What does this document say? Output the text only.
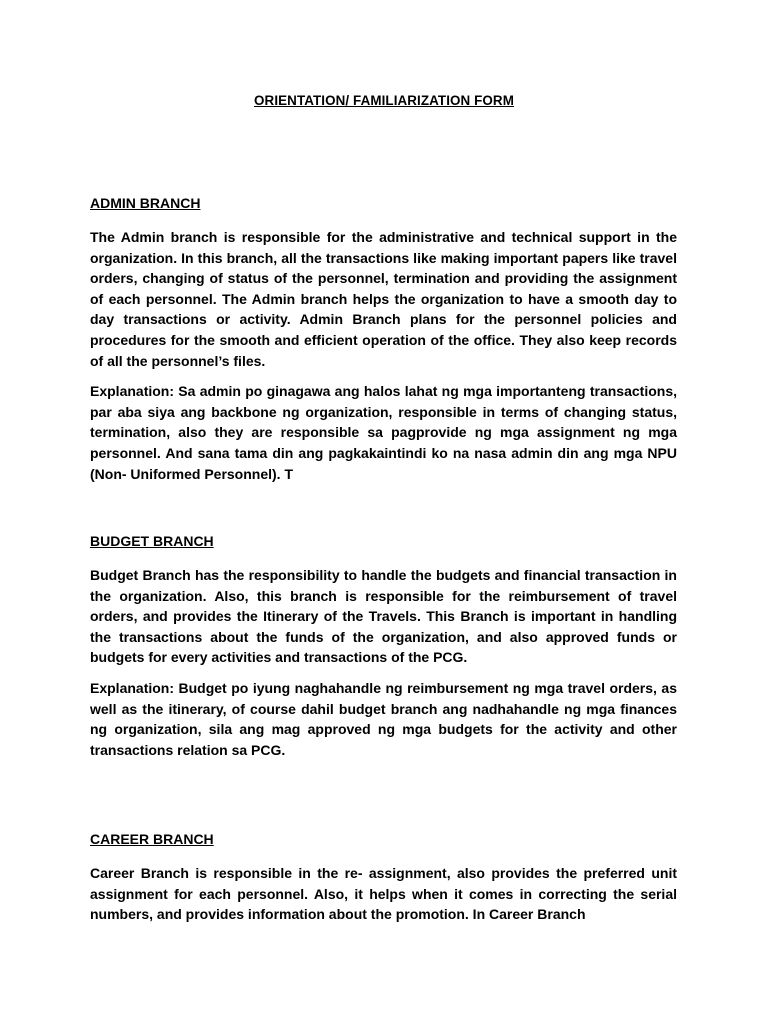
ORIENTATION/ FAMILIARIZATION FORM
ADMIN BRANCH

The Admin branch is responsible for the administrative and technical support in the organization. In this branch, all the transactions like making important papers like travel orders, changing of status of the personnel, termination and providing the assignment of each personnel. The Admin branch helps the organization to have a smooth day to day transactions or activity. Admin Branch plans for the personnel policies and procedures for the smooth and efficient operation of the office. They also keep records of all the personnel’s files.

Explanation: Sa admin po ginagawa ang halos lahat ng mga importanteng transactions, par aba siya ang backbone ng organization, responsible in terms of changing status, termination, also they are responsible sa pagprovide ng mga assignment ng mga personnel. And sana tama din ang pagkakaintindi ko na nasa admin din ang mga NPU (Non- Uniformed Personnel). T

BUDGET BRANCH

Budget Branch has the responsibility to handle the budgets and financial transaction in the organization. Also, this branch is responsible for the reimbursement of travel orders, and provides the Itinerary of the Travels. This Branch is important in handling the transactions about the funds of the organization, and also approved funds or budgets for every activities and transactions of the PCG.

Explanation: Budget po iyung naghahandle ng reimbursement ng mga travel orders, as well as the itinerary, of course dahil budget branch ang nadhahandle ng mga finances ng organization, sila ang mag approved ng mga budgets for the activity and other transactions relation sa PCG.

CAREER BRANCH

Career Branch is responsible in the re- assignment, also provides the preferred unit assignment for each personnel. Also, it helps when it comes in correcting the serial numbers, and provides information about the promotion. In Career Branch
